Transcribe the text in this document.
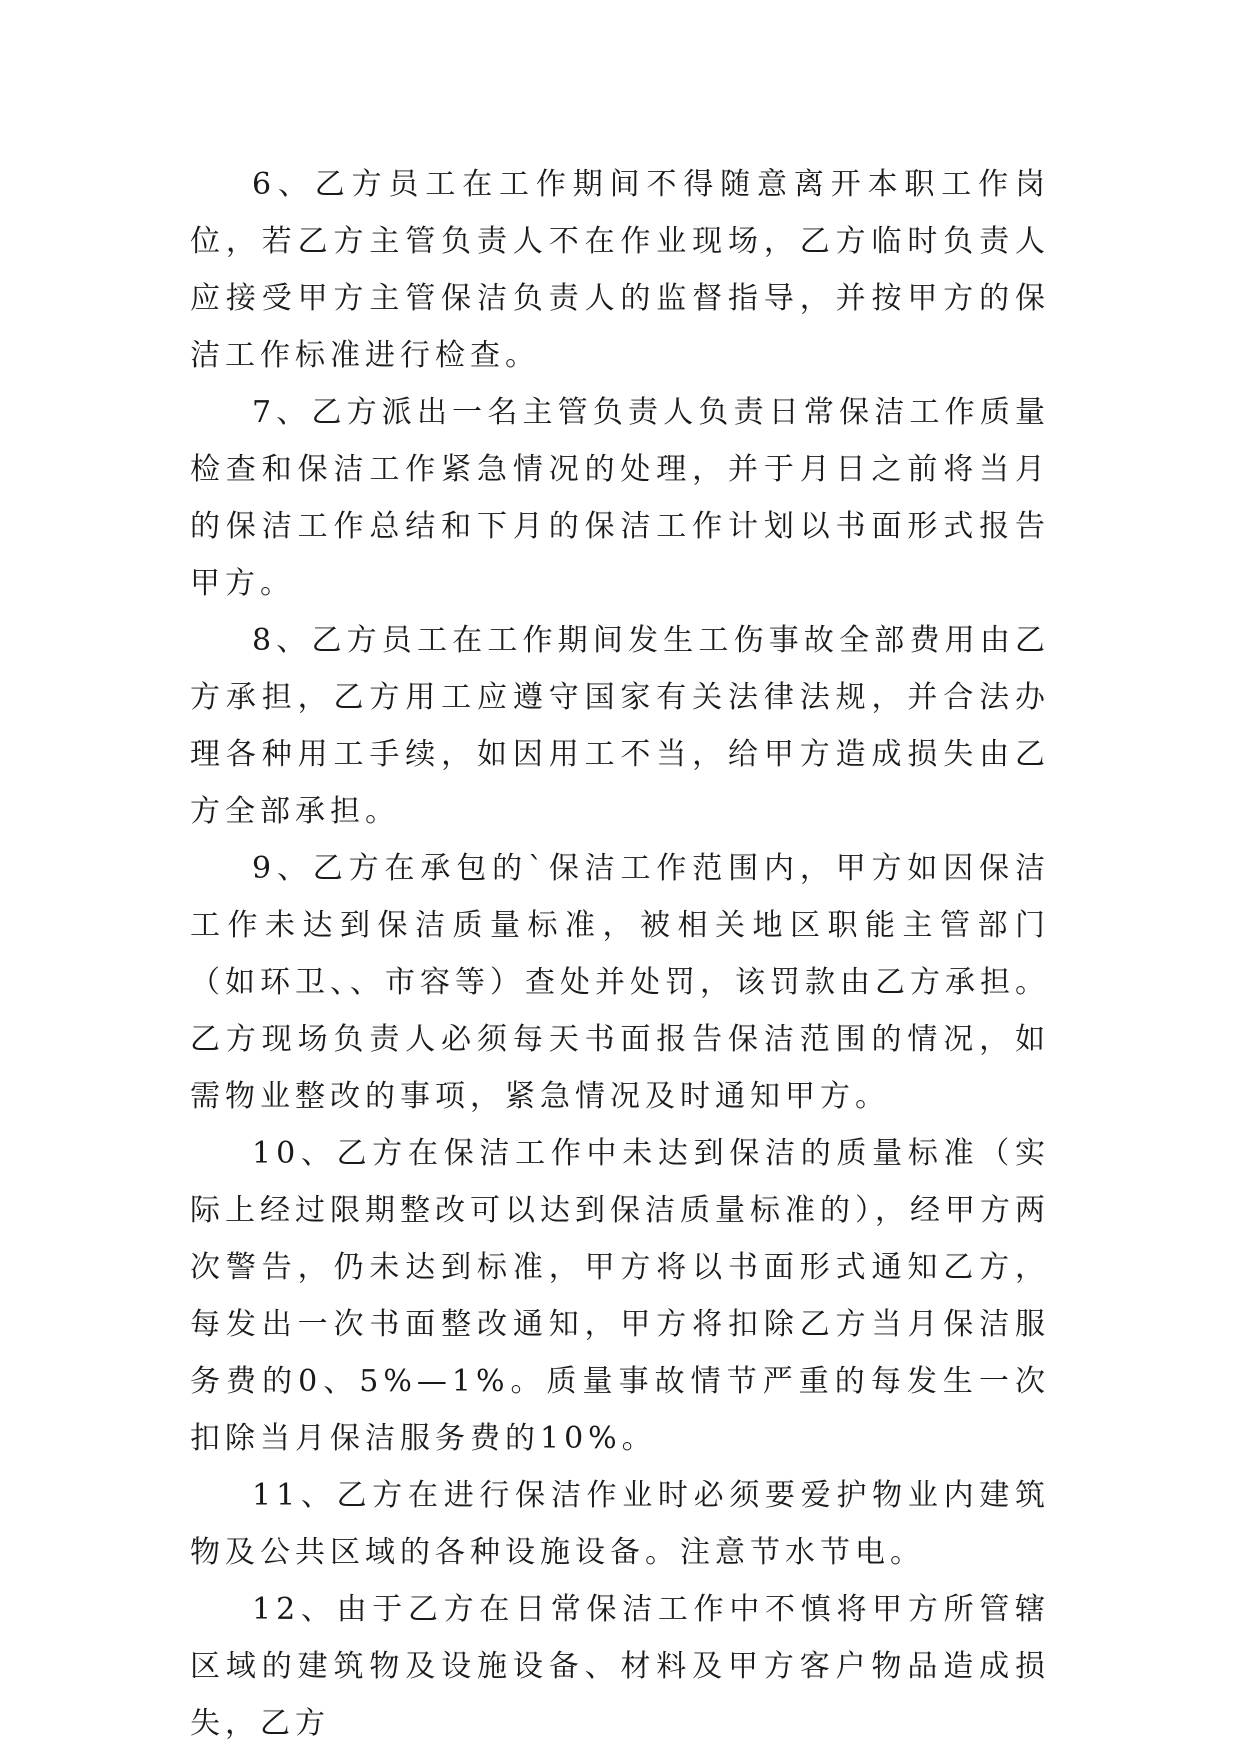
6、乙方员工在工作期间不得随意离开本职工作岗位，若乙方主管负责人不在作业现场，乙方临时负责人应接受甲方主管保洁负责人的监督指导，并按甲方的保洁工作标准进行检查。

7、乙方派出一名主管负责人负责日常保洁工作质量检查和保洁工作紧急情况的处理，并于月日之前将当月的保洁工作总结和下月的保洁工作计划以书面形式报告甲方。

8、乙方员工在工作期间发生工伤事故全部费用由乙方承担，乙方用工应遵守国家有关法律法规，并合法办理各种用工手续，如因用工不当，给甲方造成损失由乙方全部承担。

9、乙方在承包的`保洁工作范围内，甲方如因保洁工作未达到保洁质量标准，被相关地区职能主管部门（如环卫、、市容等）查处并处罚，该罚款由乙方承担。乙方现场负责人必须每天书面报告保洁范围的情况，如需物业整改的事项，紧急情况及时通知甲方。

10、乙方在保洁工作中未达到保洁的质量标准（实际上经过限期整改可以达到保洁质量标准的），经甲方两次警告，仍未达到标准，甲方将以书面形式通知乙方，每发出一次书面整改通知，甲方将扣除乙方当月保洁服务费的0、5%—1%。质量事故情节严重的每发生一次扣除当月保洁服务费的10%。

11、乙方在进行保洁作业时必须要爱护物业内建筑物及公共区域的各种设施设备。注意节水节电。

12、由于乙方在日常保洁工作中不慎将甲方所管辖区域的建筑物及设施设备、材料及甲方客户物品造成损失，乙方
